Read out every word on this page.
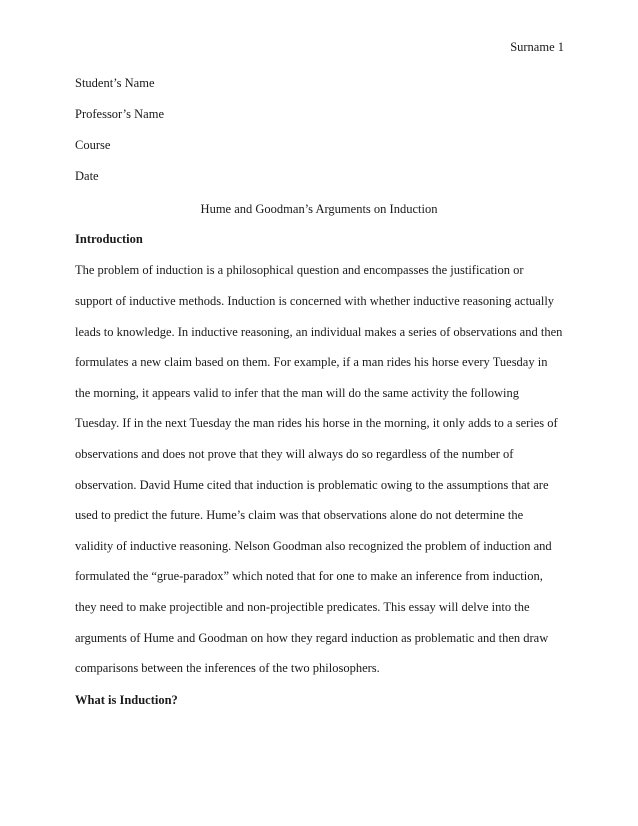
Surname 1
Student’s Name
Professor’s Name
Course
Date
Hume and Goodman’s Arguments on Induction
Introduction
The problem of induction is a philosophical question and encompasses the justification or
support of inductive methods. Induction is concerned with whether inductive reasoning actually
leads to knowledge. In inductive reasoning, an individual makes a series of observations and then
formulates a new claim based on them. For example, if a man rides his horse every Tuesday in
the morning, it appears valid to infer that the man will do the same activity the following
Tuesday. If in the next Tuesday the man rides his horse in the morning, it only adds to a series of
observations and does not prove that they will always do so regardless of the number of
observation. David Hume cited that induction is problematic owing to the assumptions that are
used to predict the future. Hume’s claim was that observations alone do not determine the
validity of inductive reasoning. Nelson Goodman also recognized the problem of induction and
formulated the “grue-paradox” which noted that for one to make an inference from induction,
they need to make projectible and non-projectible predicates. This essay will delve into the
arguments of Hume and Goodman on how they regard induction as problematic and then draw
comparisons between the inferences of the two philosophers.
What is Induction?
